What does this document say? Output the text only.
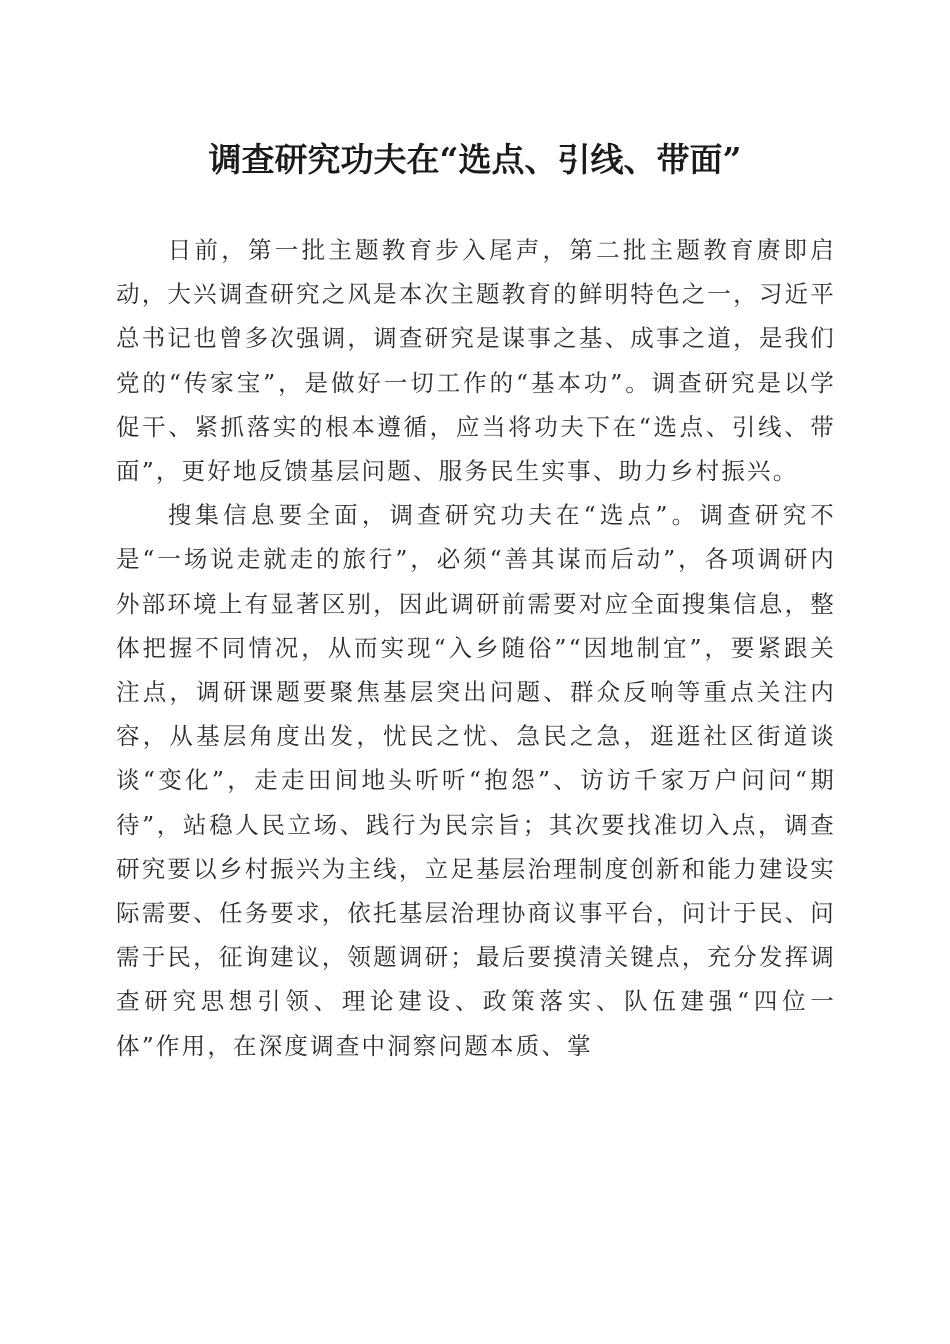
调查研究功夫在“选点、引线、带面”

日前，第一批主题教育步入尾声，第二批主题教育赓即启动，大兴调查研究之风是本次主题教育的鲜明特色之一，习近平总书记也曾多次强调，调查研究是谋事之基、成事之道，是我们党的“传家宝”，是做好一切工作的“基本功”。调查研究是以学促干、紧抓落实的根本遵循，应当将功夫下在“选点、引线、带面”，更好地反馈基层问题、服务民生实事、助力乡村振兴。

搜集信息要全面，调查研究功夫在“选点”。调查研究不是“一场说走就走的旅行”，必须“善其谋而后动”，各项调研内外部环境上有显著区别，因此调研前需要对应全面搜集信息，整体把握不同情况，从而实现“入乡随俗”“因地制宜”，要紧跟关注点，调研课题要聚焦基层突出问题、群众反响等重点关注内容，从基层角度出发，忧民之忧、急民之急，逛逛社区街道谈谈“变化”，走走田间地头听听“抱怨”、访访千家万户问问“期待”，站稳人民立场、践行为民宗旨；其次要找准切入点，调查研究要以乡村振兴为主线，立足基层治理制度创新和能力建设实际需要、任务要求，依托基层治理协商议事平台，问计于民、问需于民，征询建议，领题调研；最后要摸清关键点，充分发挥调查研究思想引领、理论建设、政策落实、队伍建强“四位一体”作用，在深度调查中洞察问题本质、掌
